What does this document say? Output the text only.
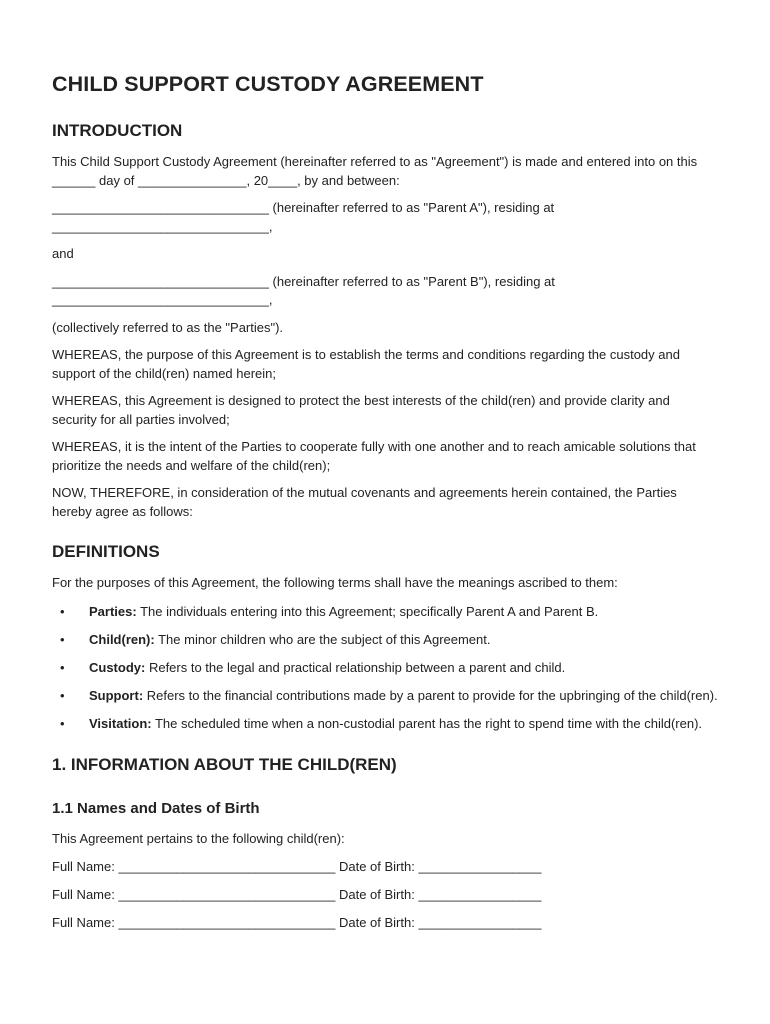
CHILD SUPPORT CUSTODY AGREEMENT
INTRODUCTION

This Child Support Custody Agreement (hereinafter referred to as "Agreement") is made and entered into on this ______ day of _______________, 20____, by and between:

______________________________ (hereinafter referred to as "Parent A"), residing at ______________________________,

and

______________________________ (hereinafter referred to as "Parent B"), residing at ______________________________,

(collectively referred to as the "Parties").

WHEREAS, the purpose of this Agreement is to establish the terms and conditions regarding the custody and support of the child(ren) named herein;

WHEREAS, this Agreement is designed to protect the best interests of the child(ren) and provide clarity and security for all parties involved;

WHEREAS, it is the intent of the Parties to cooperate fully with one another and to reach amicable solutions that prioritize the needs and welfare of the child(ren);

NOW, THEREFORE, in consideration of the mutual covenants and agreements herein contained, the Parties hereby agree as follows:

DEFINITIONS

For the purposes of this Agreement, the following terms shall have the meanings ascribed to them:

• Parties: The individuals entering into this Agreement; specifically Parent A and Parent B.
• Child(ren): The minor children who are the subject of this Agreement.
• Custody: Refers to the legal and practical relationship between a parent and child.
• Support: Refers to the financial contributions made by a parent to provide for the upbringing of the child(ren).
• Visitation: The scheduled time when a non-custodial parent has the right to spend time with the child(ren).
1. INFORMATION ABOUT THE CHILD(REN)
1.1 Names and Dates of Birth

This Agreement pertains to the following child(ren):

Full Name: ______________________________ Date of Birth: _________________
Full Name: ______________________________ Date of Birth: _________________
Full Name: ______________________________ Date of Birth: _________________
